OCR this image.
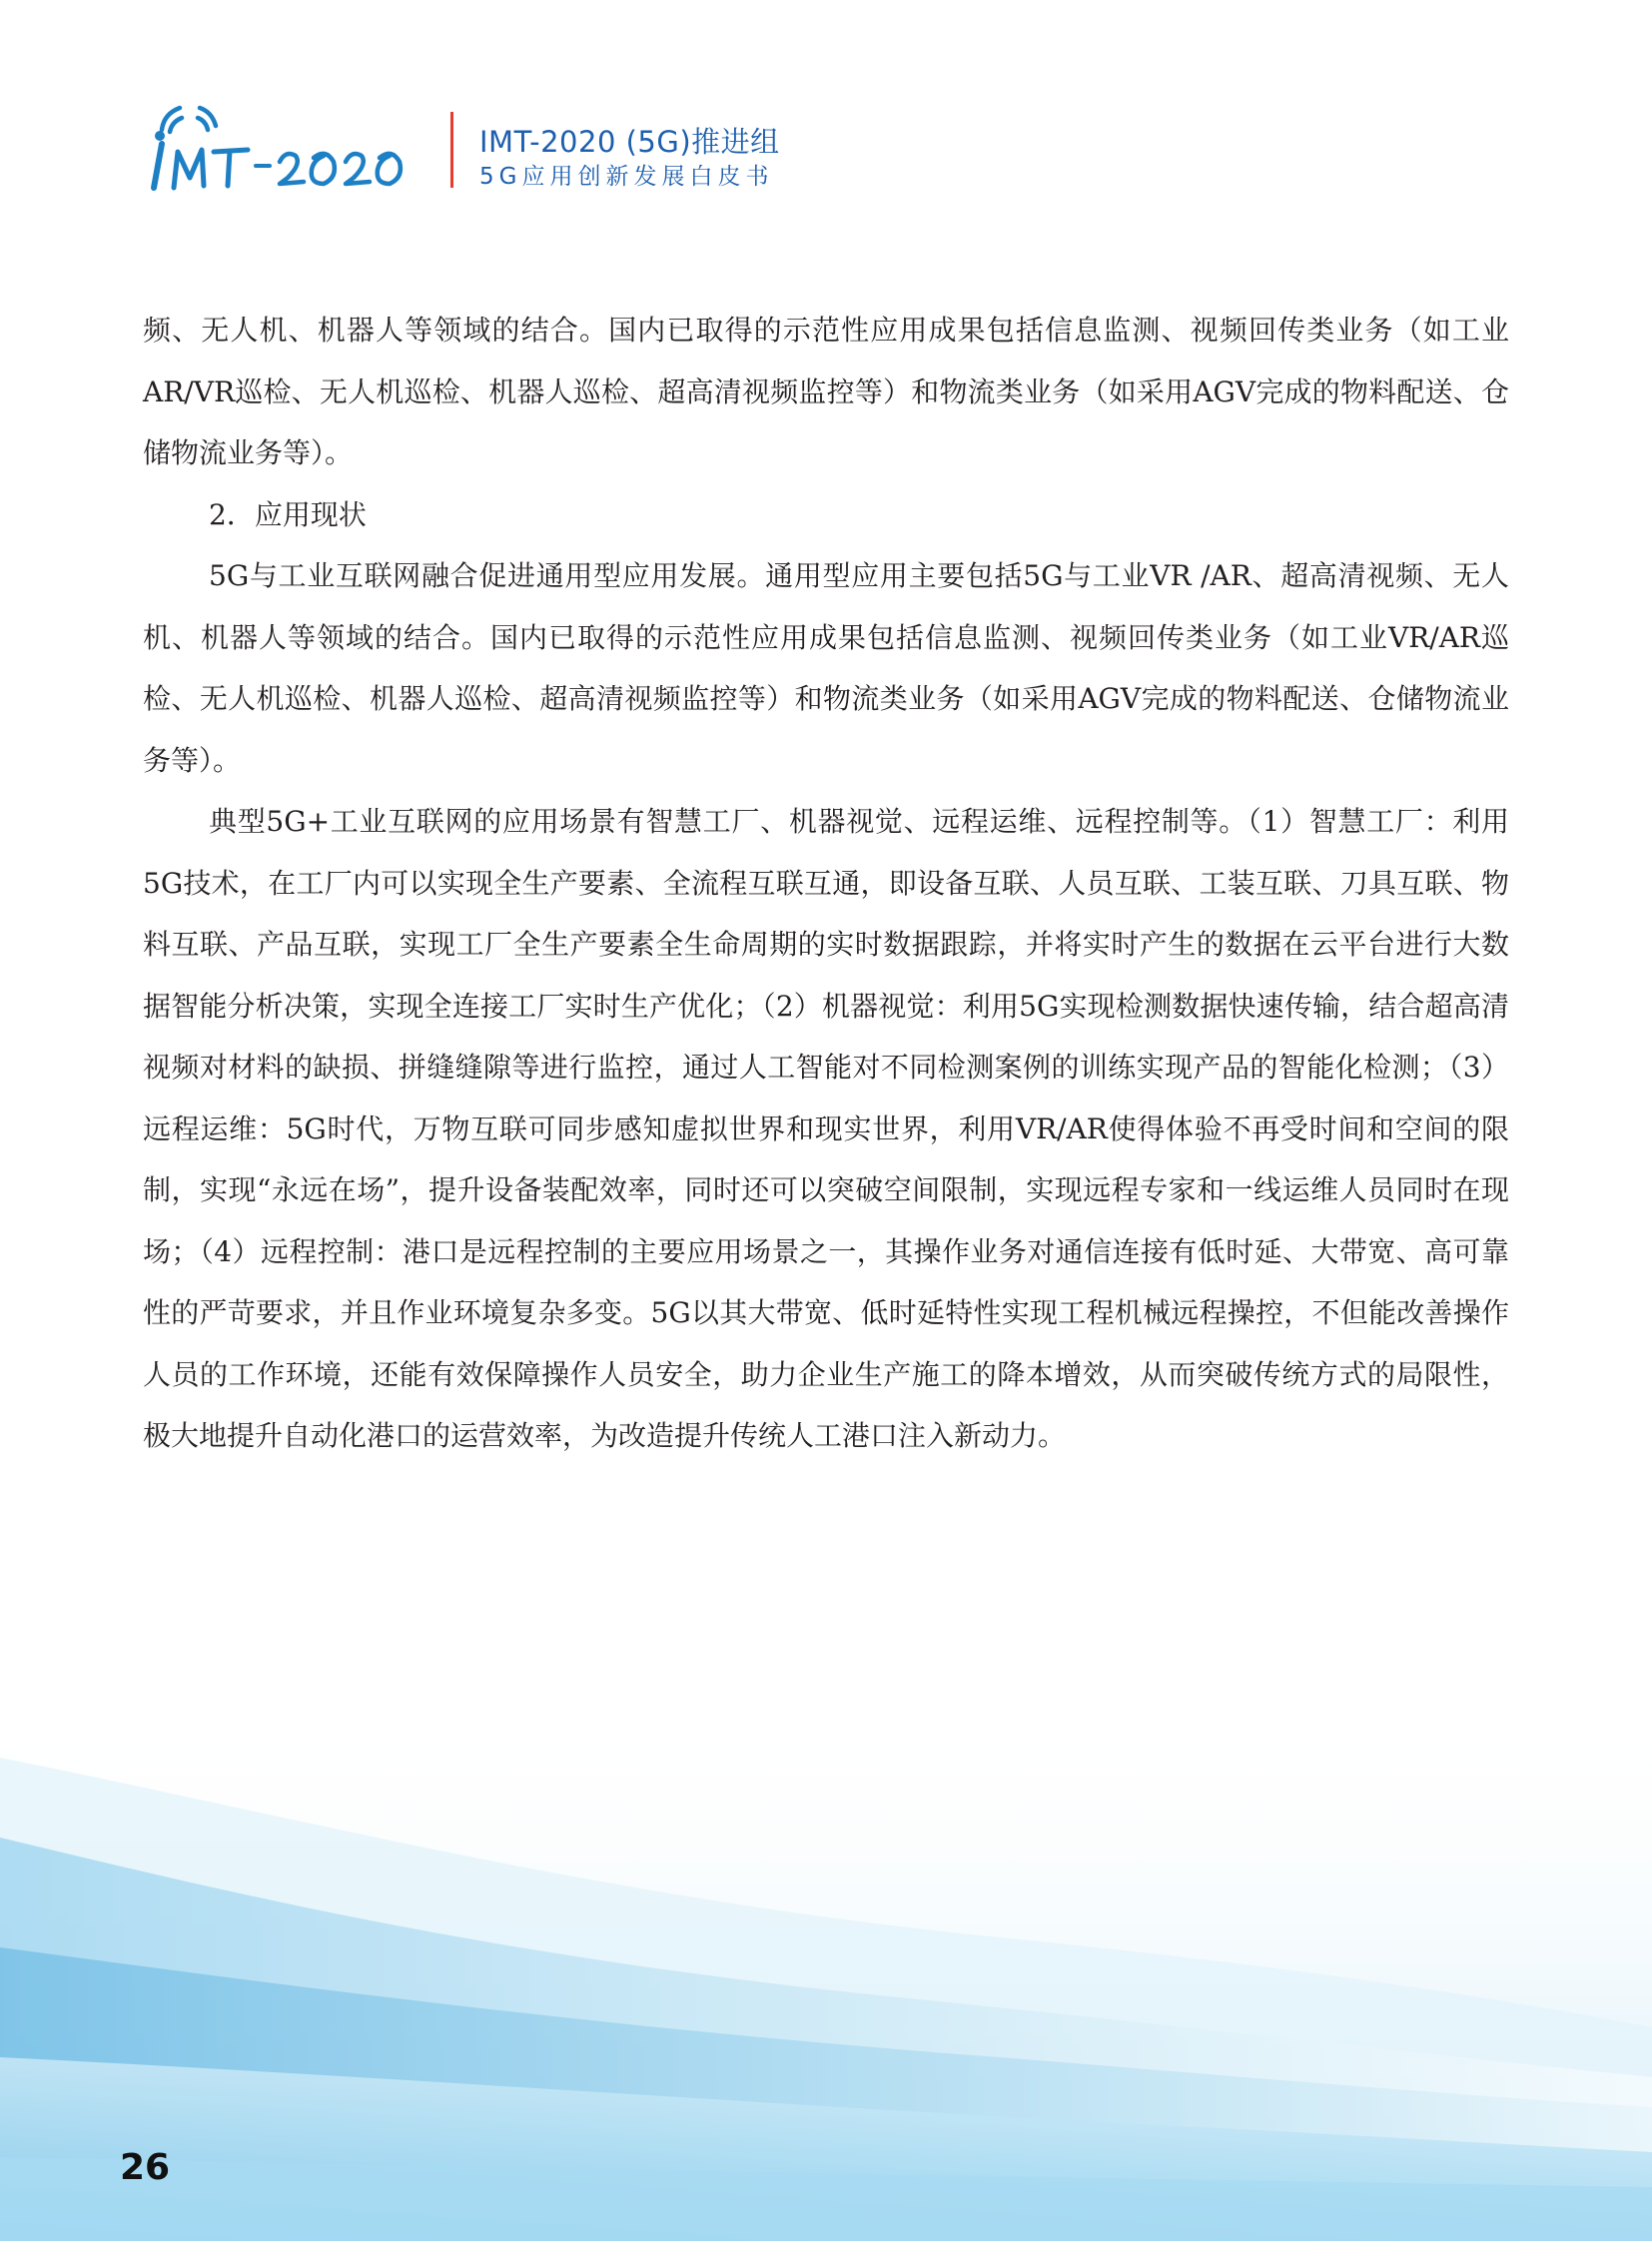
IMT-2020 (5G)推进组
5G应用创新发展白皮书

频、无人机、机器人等领域的结合。国内已取得的示范性应用成果包括信息监测、视频回传类业务（如工业AR/VR巡检、无人机巡检、机器人巡检、超高清视频监控等）和物流类业务（如采用AGV完成的物料配送、仓储物流业务等）。

2．应用现状

5G与工业互联网融合促进通用型应用发展。通用型应用主要包括5G与工业VR /AR、超高清视频、无人机、机器人等领域的结合。国内已取得的示范性应用成果包括信息监测、视频回传类业务（如工业VR/AR巡检、无人机巡检、机器人巡检、超高清视频监控等）和物流类业务（如采用AGV完成的物料配送、仓储物流业务等）。

典型5G+工业互联网的应用场景有智慧工厂、机器视觉、远程运维、远程控制等。（1）智慧工厂：利用5G技术，在工厂内可以实现全生产要素、全流程互联互通，即设备互联、人员互联、工装互联、刀具互联、物料互联、产品互联，实现工厂全生产要素全生命周期的实时数据跟踪，并将实时产生的数据在云平台进行大数据智能分析决策，实现全连接工厂实时生产优化；（2）机器视觉：利用5G实现检测数据快速传输，结合超高清视频对材料的缺损、拼缝缝隙等进行监控，通过人工智能对不同检测案例的训练实现产品的智能化检测；（3）远程运维：5G时代，万物互联可同步感知虚拟世界和现实世界，利用VR/AR使得体验不再受时间和空间的限制，实现“永远在场”，提升设备装配效率，同时还可以突破空间限制，实现远程专家和一线运维人员同时在现场；（4）远程控制：港口是远程控制的主要应用场景之一，其操作业务对通信连接有低时延、大带宽、高可靠性的严苛要求，并且作业环境复杂多变。5G以其大带宽、低时延特性实现工程机械远程操控，不但能改善操作人员的工作环境，还能有效保障操作人员安全，助力企业生产施工的降本增效，从而突破传统方式的局限性，极大地提升自动化港口的运营效率，为改造提升传统人工港口注入新动力。

26
